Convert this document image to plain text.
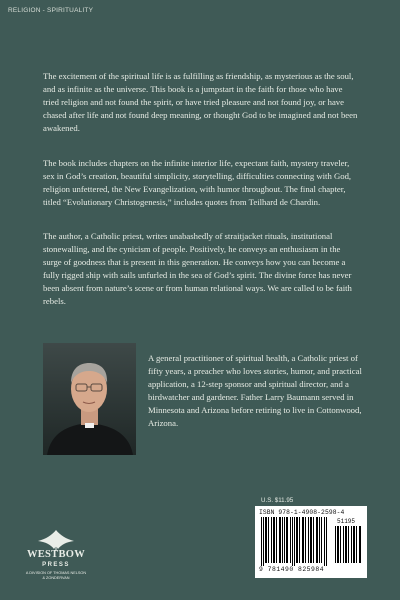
RELIGION - SPIRITUALITY

The excitement of the spiritual life is as fulfilling as friendship, as mysterious as the soul, and as infinite as the universe. This book is a jumpstart in the faith for those who have tried religion and not found the spirit, or have tried pleasure and not found joy, or have chased after life and not found deep meaning, or thought God to be imagined and not been awakened.

The book includes chapters on the infinite interior life, expectant faith, mystery traveler, sex in God’s creation, beautiful simplicity, storytelling, difficulties connecting with God, religion unfettered, the New Evangelization, with humor throughout. The final chapter, titled “Evolutionary Christogenesis,” includes quotes from Teilhard de Chardin.

The author, a Catholic priest, writes unabashedly of straitjacket rituals, institutional stonewalling, and the cynicism of people. Positively, he conveys an enthusiasm in the surge of goodness that is present in this generation. He conveys how you can become a fully rigged ship with sails unfurled in the sea of God’s spirit. The divine force has never been absent from nature’s scene or from human relational ways. We are called to be faith rebels.

A general practitioner of spiritual health, a Catholic priest of fifty years, a preacher who loves stories, humor, and practical application, a 12-step sponsor and spiritual director, and a birdwatcher and gardener. Father Larry Baumann served in Minnesota and Arizona before retiring to live in Cottonwood, Arizona.

U.S. $11.95
ISBN 978-1-4908-2598-4
51195
9 781490 825984
WESTBOW
PRESS
A DIVISION OF THOMAS NELSON
& ZONDERVAN
